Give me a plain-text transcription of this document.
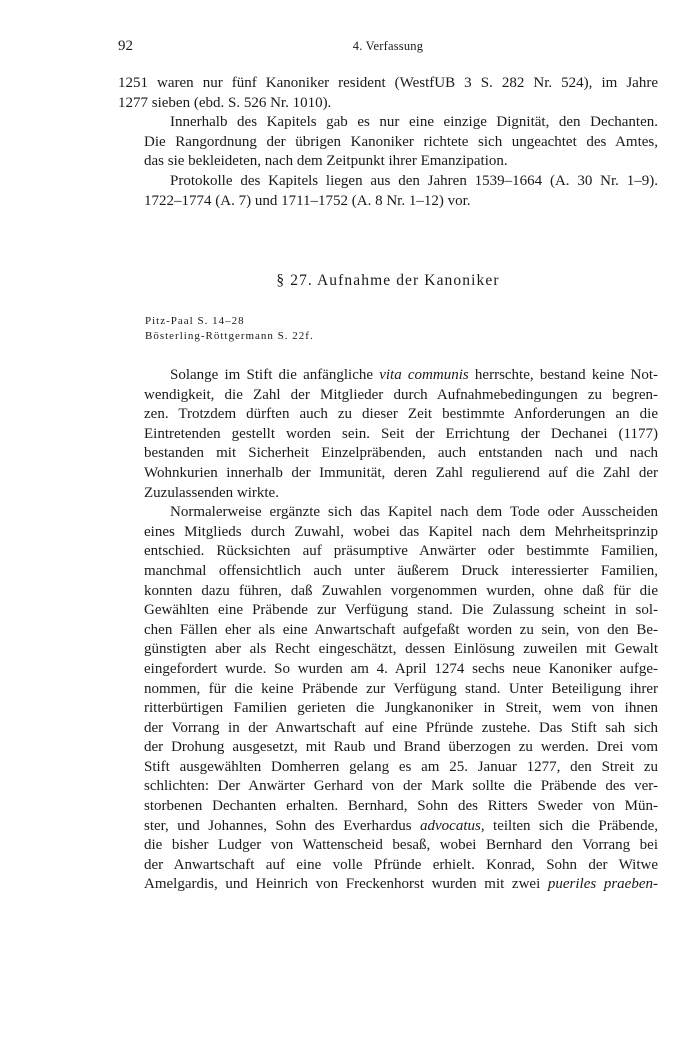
92	4. Verfassung
1251 waren nur fünf Kanoniker resident (WestfUB 3 S. 282 Nr. 524), im Jahre
1277 sieben (ebd. S. 526 Nr. 1010).
Innerhalb des Kapitels gab es nur eine einzige Dignität, den Dechanten.
Die Rangordnung der übrigen Kanoniker richtete sich ungeachtet des Amtes,
das sie bekleideten, nach dem Zeitpunkt ihrer Emanzipation.
Protokolle des Kapitels liegen aus den Jahren 1539–1664 (A. 30 Nr. 1–9).
1722–1774 (A. 7) und 1711–1752 (A. 8 Nr. 1–12) vor.
§ 27. Aufnahme der Kanoniker
Pitz-Paal S. 14–28
Bösterling-Röttgermann S. 22f.
Solange im Stift die anfängliche vita communis herrschte, bestand keine Not-
wendigkeit, die Zahl der Mitglieder durch Aufnahmebedingungen zu begren-
zen. Trotzdem dürften auch zu dieser Zeit bestimmte Anforderungen an die
Eintretenden gestellt worden sein. Seit der Errichtung der Dechanei (1177)
bestanden mit Sicherheit Einzelpräbenden, auch entstanden nach und nach
Wohnkurien innerhalb der Immunität, deren Zahl regulierend auf die Zahl der
Zuzulassenden wirkte.
Normalerweise ergänzte sich das Kapitel nach dem Tode oder Ausscheiden
eines Mitglieds durch Zuwahl, wobei das Kapitel nach dem Mehrheitsprinzip
entschied. Rücksichten auf präsumptive Anwärter oder bestimmte Familien,
manchmal offensichtlich auch unter äußerem Druck interessierter Familien,
konnten dazu führen, daß Zuwahlen vorgenommen wurden, ohne daß für die
Gewählten eine Präbende zur Verfügung stand. Die Zulassung scheint in sol-
chen Fällen eher als eine Anwartschaft aufgefaßt worden zu sein, von den Be-
günstigten aber als Recht eingeschätzt, dessen Einlösung zuweilen mit Gewalt
eingefordert wurde. So wurden am 4. April 1274 sechs neue Kanoniker aufge-
nommen, für die keine Präbende zur Verfügung stand. Unter Beteiligung ihrer
ritterbürtigen Familien gerieten die Jungkanoniker in Streit, wem von ihnen
der Vorrang in der Anwartschaft auf eine Pfründe zustehe. Das Stift sah sich
der Drohung ausgesetzt, mit Raub und Brand überzogen zu werden. Drei vom
Stift ausgewählten Domherren gelang es am 25. Januar 1277, den Streit zu
schlichten: Der Anwärter Gerhard von der Mark sollte die Präbende des ver-
storbenen Dechanten erhalten. Bernhard, Sohn des Ritters Sweder von Mün-
ster, und Johannes, Sohn des Everhardus advocatus, teilten sich die Präbende,
die bisher Ludger von Wattenscheid besaß, wobei Bernhard den Vorrang bei
der Anwartschaft auf eine volle Pfründe erhielt. Konrad, Sohn der Witwe
Amelgardis, und Heinrich von Freckenhorst wurden mit zwei pueriles praeben-
